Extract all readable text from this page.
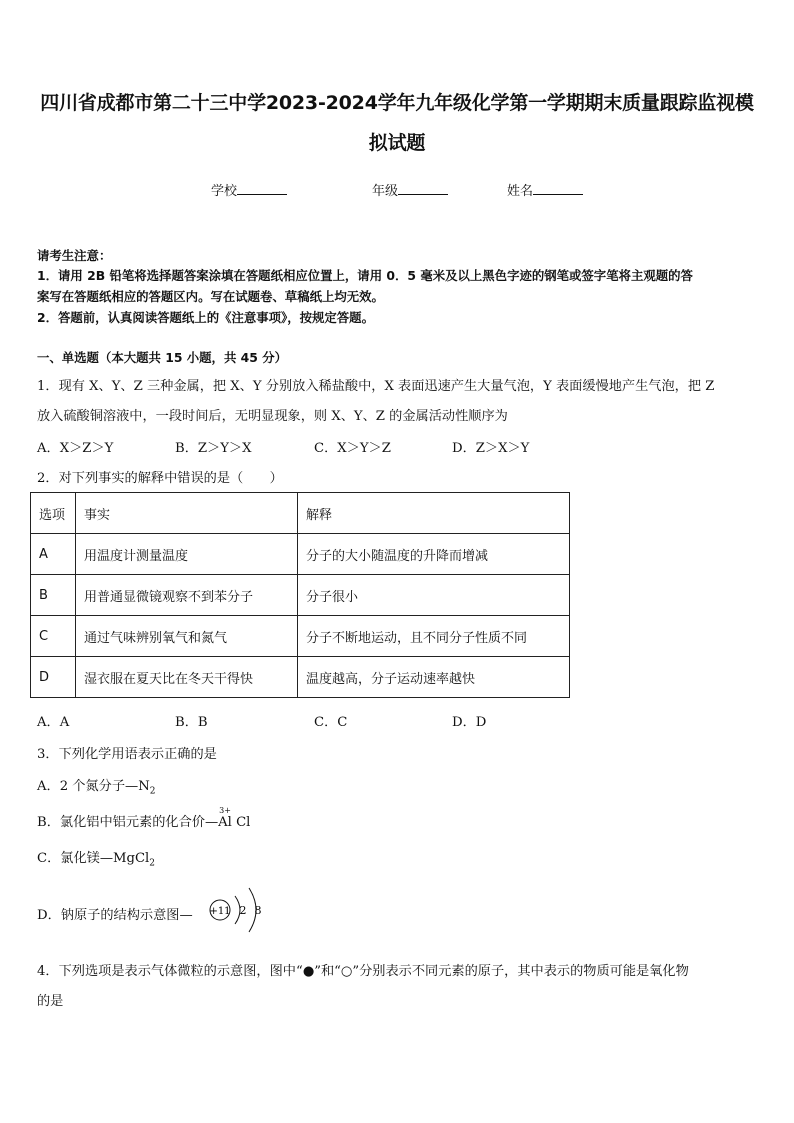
四川省成都市第二十三中学2023-2024学年九年级化学第一学期期末质量跟踪监视模
拟试题
学校	年级	姓名
请考生注意：
1．请用 2B 铅笔将选择题答案涂填在答题纸相应位置上，请用 0．5 毫米及以上黑色字迹的钢笔或签字笔将主观题的答
案写在答题纸相应的答题区内。写在试题卷、草稿纸上均无效。
2．答题前，认真阅读答题纸上的《注意事项》，按规定答题。
一、单选题（本大题共 15 小题，共 45 分）
1．现有 X、Y、Z 三种金属，把 X、Y 分别放入稀盐酸中，X 表面迅速产生大量气泡，Y 表面缓慢地产生气泡，把 Z
放入硫酸铜溶液中，一段时间后，无明显现象，则 X、Y、Z 的金属活动性顺序为
A．X＞Z＞Y	B．Z＞Y＞X	C．X＞Y＞Z	D．Z＞X＞Y
2．对下列事实的解释中错误的是（　　）
选项	事实	解释
A	用温度计测量温度	分子的大小随温度的升降而增减
B	用普通显微镜观察不到苯分子	分子很小
C	通过气味辨别氧气和氮气	分子不断地运动，且不同分子性质不同
D	湿衣服在夏天比在冬天干得快	温度越高，分子运动速率越快
A．A	B．B	C．C	D．D
3．下列化学用语表示正确的是
A．2 个氮分子$—N_2$
B．氯化铝中铝元素的化合价—
3+
Al Cl
C．氯化镁—MgCl$_2$
D．钠原子的结构示意图— +11 2 8
4．下列选项是表示气体微粒的示意图，图中“●”和“○”分别表示不同元素的原子，其中表示的物质可能是氧化物
的是
